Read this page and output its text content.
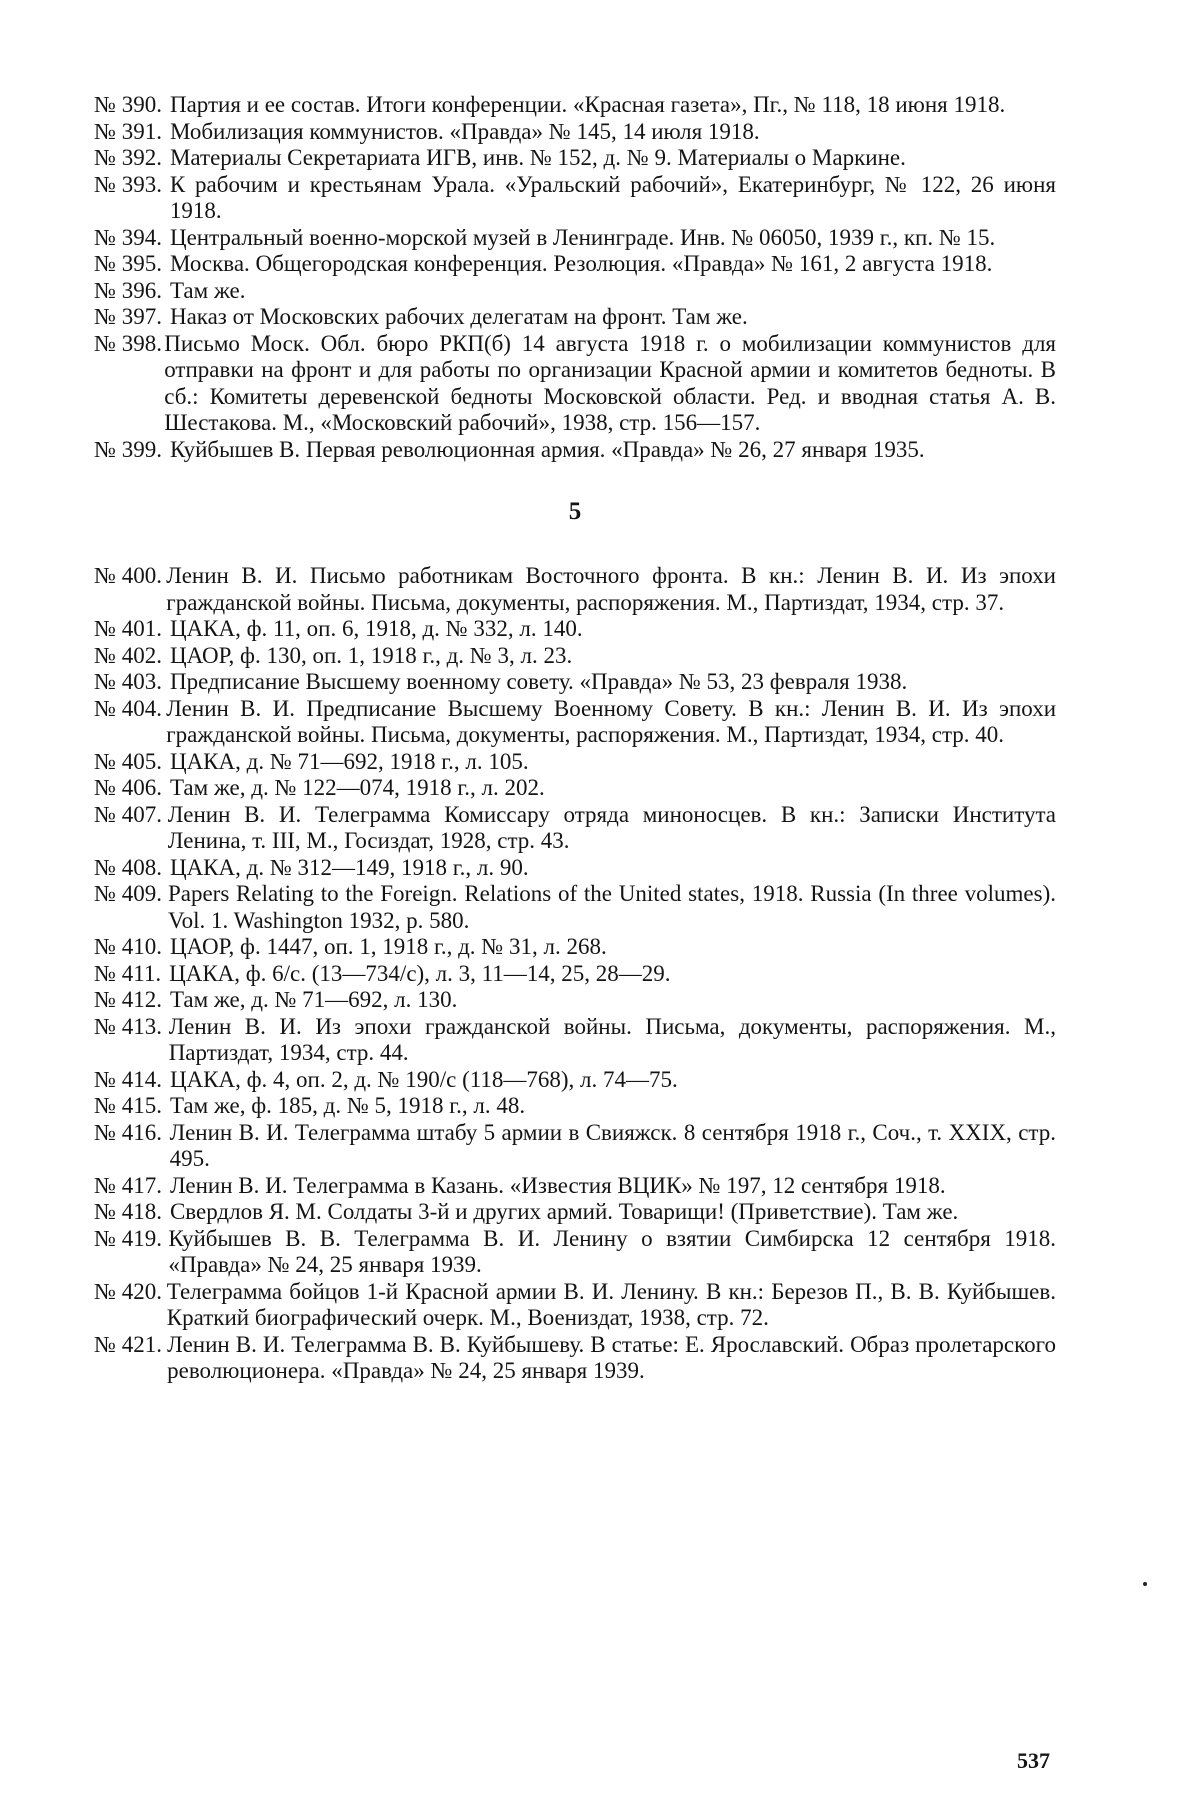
№ 390. Партия и ее состав. Итоги конференции. «Красная газета», Пг., № 118, 18 июня 1918.
№ 391. Мобилизация коммунистов. «Правда» № 145, 14 июля 1918.
№ 392. Материалы Секретариата ИГВ, инв. № 152, д. № 9. Материалы о Маркине.
№ 393. К рабочим и крестьянам Урала. «Уральский рабочий», Екатеринбург, № 122, 26 июня 1918.
№ 394. Центральный военно-морской музей в Ленинграде. Инв. № 06050, 1939 г., кп. № 15.
№ 395. Москва. Общегородская конференция. Резолюция. «Правда» № 161, 2 августа 1918.
№ 396. Там же.
№ 397. Наказ от Московских рабочих делегатам на фронт. Там же.
№ 398. Письмо Моск. Обл. бюро РКП(б) 14 августа 1918 г. о мобилизации коммунистов для отправки на фронт и для работы по организации Красной армии и комитетов бедноты. В сб.: Комитеты деревенской бедноты Московской области. Ред. и вводная статья А. В. Шестакова. М., «Московский рабочий», 1938, стр. 156—157.
№ 399. Куйбышев В. Первая революционная армия. «Правда» № 26, 27 января 1935.
5
№ 400. Ленин В. И. Письмо работникам Восточного фронта. В кн.: Ленин В. И. Из эпохи гражданской войны. Письма, документы, распоряжения. М., Партиздат, 1934, стр. 37.
№ 401. ЦАКА, ф. 11, оп. 6, 1918, д. № 332, л. 140.
№ 402. ЦАОР, ф. 130, оп. 1, 1918 г., д. № 3, л. 23.
№ 403. Предписание Высшему военному совету. «Правда» № 53, 23 февраля 1938.
№ 404. Ленин В. И. Предписание Высшему Военному Совету. В кн.: Ленин В. И. Из эпохи гражданской войны. Письма, документы, распоряжения. М., Партиздат, 1934, стр. 40.
№ 405. ЦАКА, д. № 71—692, 1918 г., л. 105.
№ 406. Там же, д. № 122—074, 1918 г., л. 202.
№ 407. Ленин В. И. Телеграмма Комиссару отряда миноносцев. В кн.: Записки Института Ленина, т. III, М., Госиздат, 1928, стр. 43.
№ 408. ЦАКА, д. № 312—149, 1918 г., л. 90.
№ 409. Papers Relating to the Foreign. Relations of the United states, 1918. Russia (In three volumes). Vol. 1. Washington 1932, p. 580.
№ 410. ЦАОР, ф. 1447, оп. 1, 1918 г., д. № 31, л. 268.
№ 411. ЦАКА, ф. 6/с. (13—734/с), л. 3, 11—14, 25, 28—29.
№ 412. Там же, д. № 71—692, л. 130.
№ 413. Ленин В. И. Из эпохи гражданской войны. Письма, документы, распоряжения. М., Партиздат, 1934, стр. 44.
№ 414. ЦАКА, ф. 4, оп. 2, д. № 190/с (118—768), л. 74—75.
№ 415. Там же, ф. 185, д. № 5, 1918 г., л. 48.
№ 416. Ленин В. И. Телеграмма штабу 5 армии в Свияжск. 8 сентября 1918 г., Соч., т. XXIX, стр. 495.
№ 417. Ленин В. И. Телеграмма в Казань. «Известия ВЦИК» № 197, 12 сентября 1918.
№ 418. Свердлов Я. М. Солдаты 3-й и других армий. Товарищи! (Приветствие). Там же.
№ 419. Куйбышев В. В. Телеграмма В. И. Ленину о взятии Симбирска 12 сентября 1918. «Правда» № 24, 25 января 1939.
№ 420. Телеграмма бойцов 1-й Красной армии В. И. Ленину. В кн.: Березов П., В. В. Куйбышев. Краткий биографический очерк. М., Воениздат, 1938, стр. 72.
№ 421. Ленин В. И. Телеграмма В. В. Куйбышеву. В статье: Е. Ярославский. Образ пролетарского революционера. «Правда» № 24, 25 января 1939.
537
